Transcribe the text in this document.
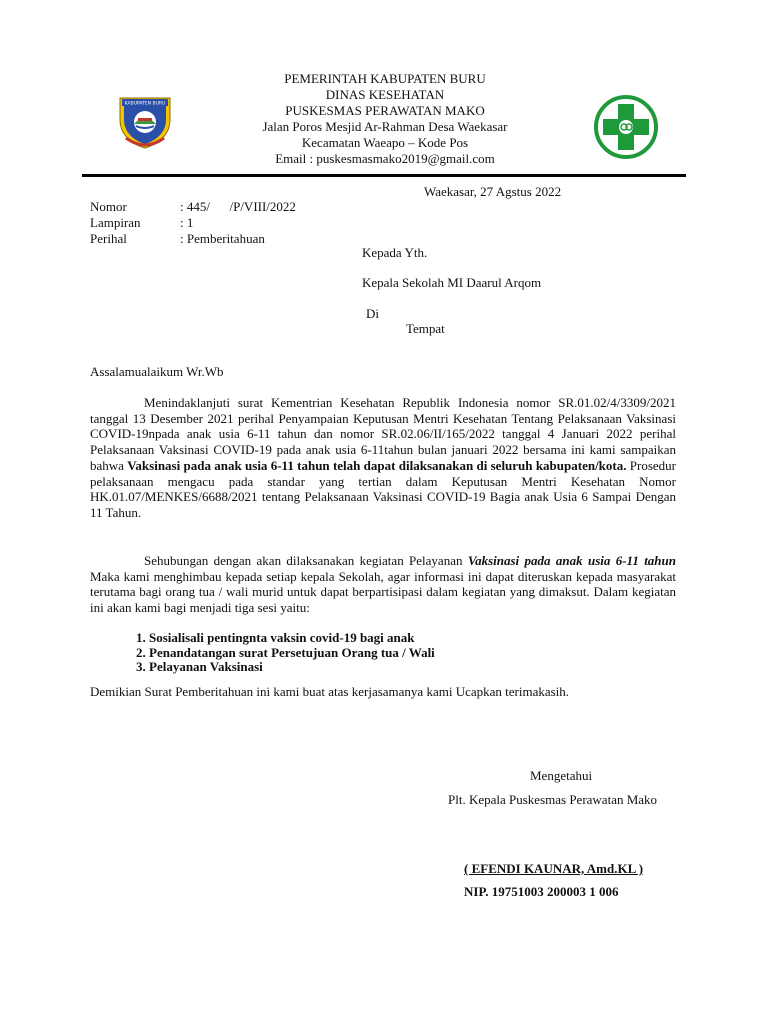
KABUPATEN BURU
PEMERINTAH KABUPATEN BURU
DINAS KESEHATAN
PUSKESMAS PERAWATAN MAKO
Jalan Poros Mesjid Ar-Rahman Desa Waekasar
Kecamatan Waeapo – Kode Pos
Email : puskesmasmako2019@gmail.com
Waekasar, 27 Agstus 2022
Nomor	: 445/      /P/VIII/2022
Lampiran	: 1
Perihal	: Pemberitahuan
Kepada Yth.
Kepala Sekolah MI Daarul Arqom
Di
Tempat
Assalamualaikum Wr.Wb
Menindaklanjuti surat Kementrian Kesehatan Republik Indonesia nomor SR.01.02/4/3309/2021 tanggal 13 Desember 2021 perihal Penyampaian Keputusan Mentri Kesehatan Tentang Pelaksanaan Vaksinasi COVID-19npada anak usia 6-11 tahun dan nomor SR.02.06/II/165/2022 tanggal 4 Januari 2022 perihal Pelaksanaan Vaksinasi COVID-19 pada anak usia 6-11tahun bulan januari 2022 bersama ini kami sampaikan bahwa Vaksinasi pada anak usia 6-11 tahun telah dapat dilaksanakan di seluruh kabupaten/kota. Prosedur pelaksanaan mengacu pada standar yang tertian dalam Keputusan Mentri Kesehatan Nomor HK.01.07/MENKES/6688/2021 tentang Pelaksanaan Vaksinasi COVID-19 Bagia anak Usia 6 Sampai Dengan 11 Tahun.
Sehubungan dengan akan dilaksanakan kegiatan Pelayanan Vaksinasi pada anak usia 6-11 tahun Maka kami menghimbau kepada setiap kepala Sekolah, agar informasi ini dapat diteruskan kepada masyarakat terutama bagi orang tua / wali murid untuk dapat berpartisipasi dalam kegiatan yang dimaksut. Dalam kegiatan ini akan kami bagi menjadi tiga sesi yaitu:
1. Sosialisali pentingnta vaksin covid-19 bagi anak
2. Penandatangan surat Persetujuan Orang tua / Wali
3. Pelayanan Vaksinasi
Demikian Surat Pemberitahuan ini kami buat atas kerjasamanya kami Ucapkan terimakasih.
Mengetahui
Plt. Kepala Puskesmas Perawatan Mako
( EFENDI KAUNAR, Amd.KL )
NIP. 19751003 200003 1 006
